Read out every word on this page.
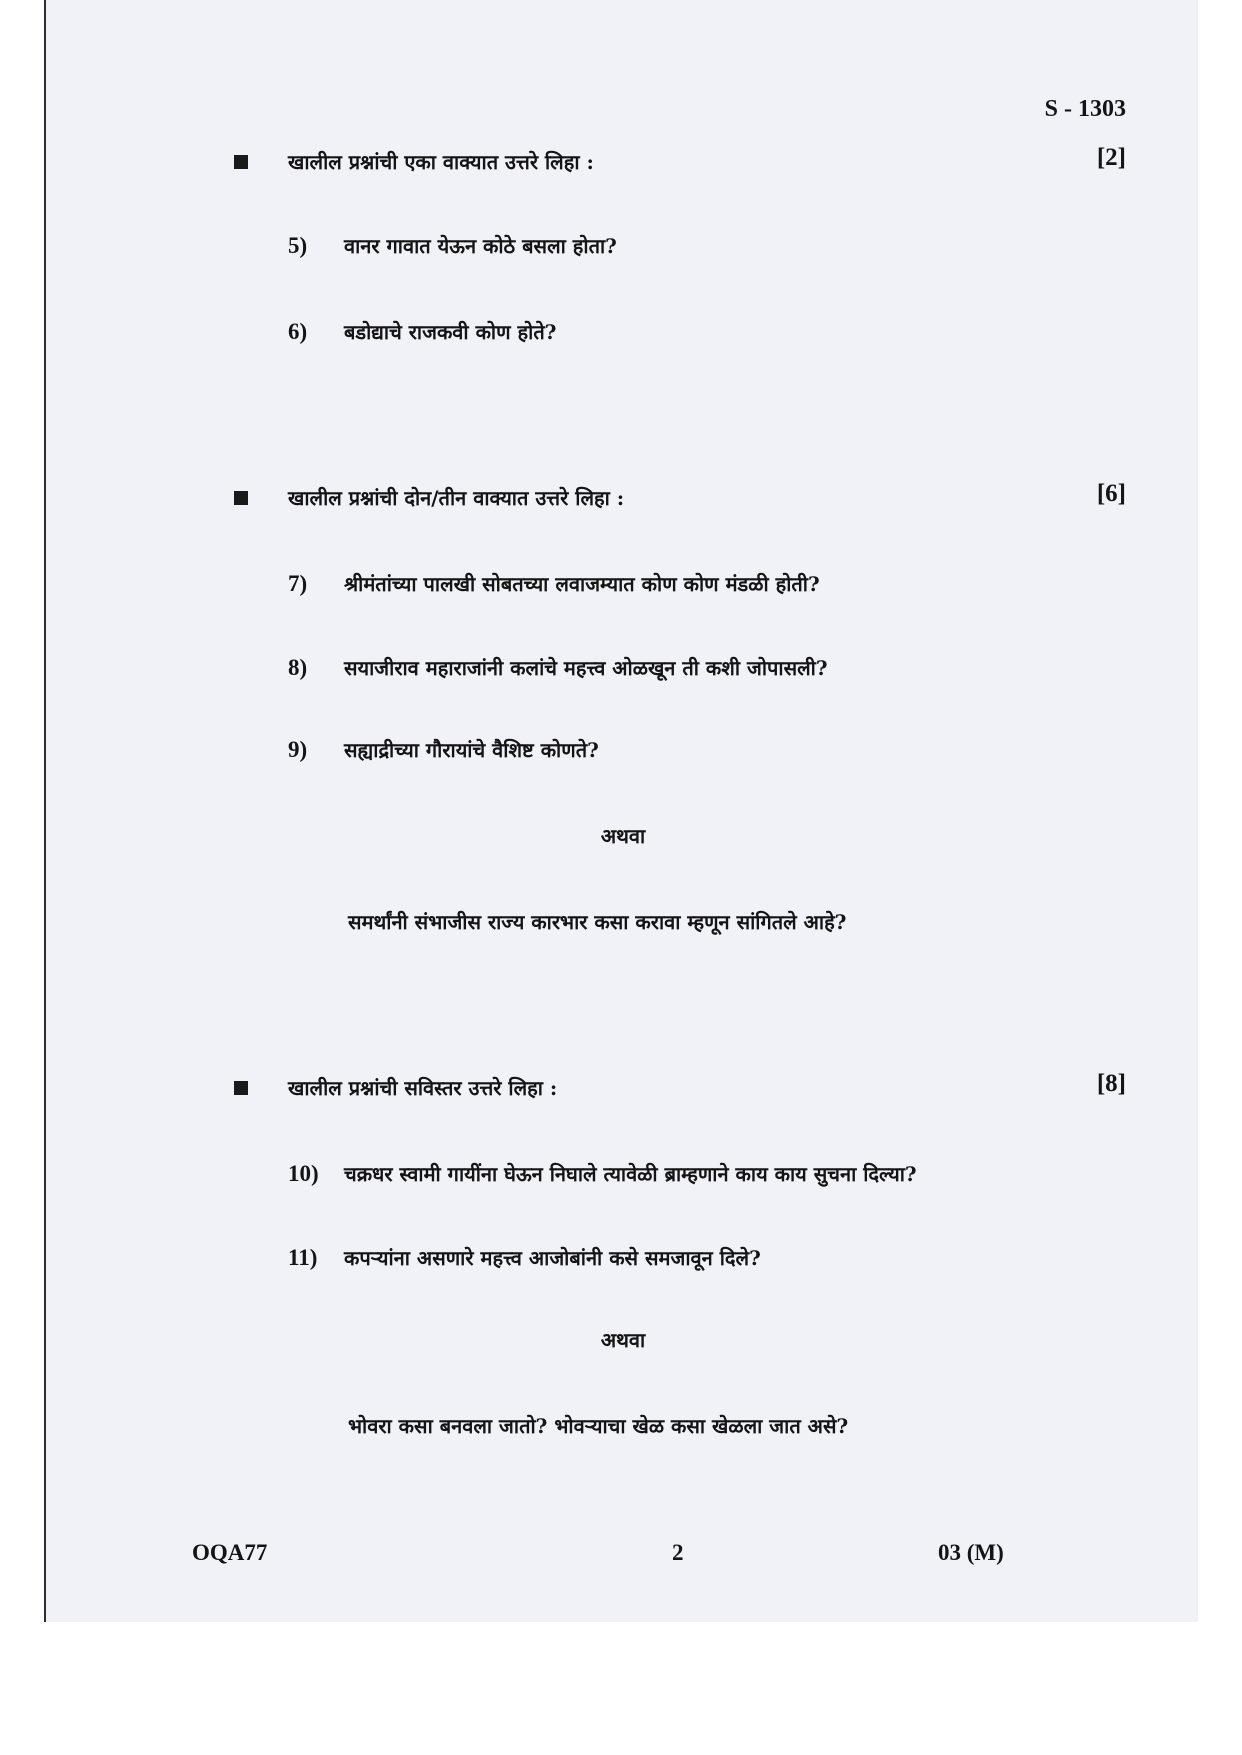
S - 1303
खालील प्रश्नांची एका वाक्यात उत्तरे लिहा :	[2]
5) वानर गावात येऊन कोठे बसला होता?
6) बडोद्याचे राजकवी कोण होते?
खालील प्रश्नांची दोन/तीन वाक्यात उत्तरे लिहा :	[6]
7) श्रीमंतांच्या पालखी सोबतच्या लवाजम्यात कोण कोण मंडळी होती?
8) सयाजीराव महाराजांनी कलांचे महत्त्व ओळखून ती कशी जोपासली?
9) सह्याद्रीच्या गौरायांचे वैशिष्ट कोणते?
अथवा
समर्थांनी संभाजीस राज्य कारभार कसा करावा म्हणून सांगितले आहे?
खालील प्रश्नांची सविस्तर उत्तरे लिहा :	[8]
10) चक्रधर स्वामी गायींना घेऊन निघाले त्यावेळी ब्राम्हणाने काय काय सुचना दिल्या?
11) कपऱ्यांना असणारे महत्त्व आजोबांनी कसे समजावून दिले?
अथवा
भोवरा कसा बनवला जातो? भोवऱ्याचा खेळ कसा खेळला जात असे?
OQA77	2	03 (M)
